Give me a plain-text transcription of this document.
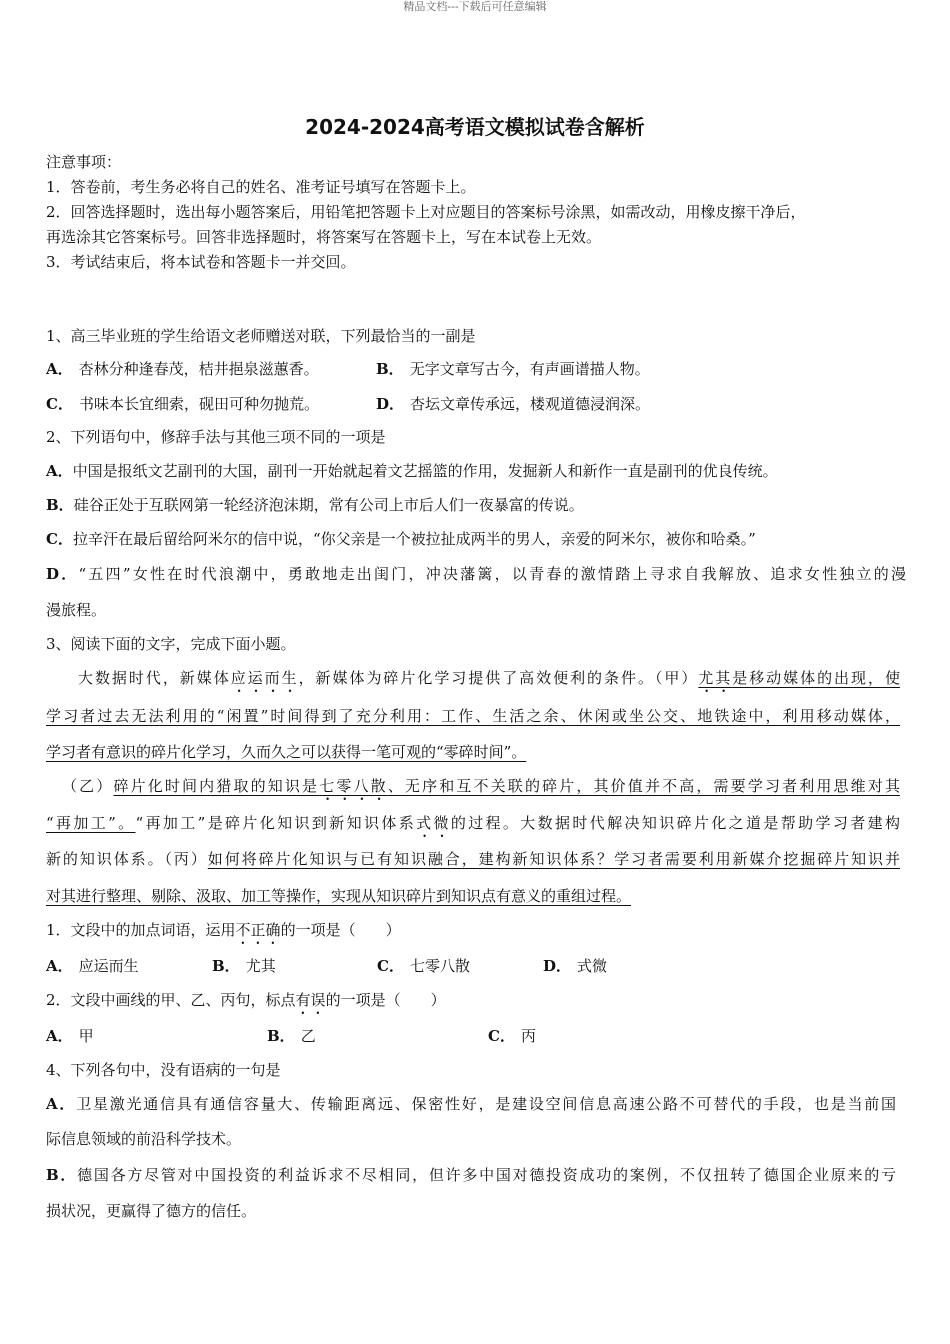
精品文档---下载后可任意编辑
2024-2024高考语文模拟试卷含解析
注意事项：
1．答卷前，考生务必将自己的姓名、准考证号填写在答题卡上。
2．回答选择题时，选出每小题答案后，用铅笔把答题卡上对应题目的答案标号涂黑，如需改动，用橡皮擦干净后，
再选涂其它答案标号。回答非选择题时，将答案写在答题卡上，写在本试卷上无效。
3．考试结束后，将本试卷和答题卡一并交回。
1、高三毕业班的学生给语文老师赠送对联，下列最恰当的一副是
A． 杏林分种逢春茂，桔井挹泉滋蕙香。	B． 无字文章写古今，有声画谱描人物。
C． 书味本长宜细索，砚田可种勿抛荒。	D． 杏坛文章传承远，楼观道德浸润深。
2、下列语句中，修辞手法与其他三项不同的一项是
A．中国是报纸文艺副刊的大国，副刊一开始就起着文艺摇篮的作用，发掘新人和新作一直是副刊的优良传统。
B．硅谷正处于互联网第一轮经济泡沫期，常有公司上市后人们一夜暴富的传说。
C．拉辛汗在最后留给阿米尔的信中说，“你父亲是一个被拉扯成两半的男人，亲爱的阿米尔，被你和哈桑。”
D．“五四”女性在时代浪潮中，勇敢地走出闺门，冲决藩篱，以青春的激情踏上寻求自我解放、追求女性独立的漫
漫旅程。
3、阅读下面的文字，完成下面小题。
大数据时代，新媒体应运而生，新媒体为碎片化学习提供了高效便利的条件。（甲）尤其是移动媒体的出现，使
学习者过去无法利用的“闲置”时间得到了充分利用：工作、生活之余、休闲或坐公交、地铁途中，利用移动媒体，
学习者有意识的碎片化学习，久而久之可以获得一笔可观的“零碎时间”。
（乙）碎片化时间内猎取的知识是七零八散、无序和互不关联的碎片，其价值并不高，需要学习者利用思维对其
“再加工”。“再加工”是碎片化知识到新知识体系式微的过程。大数据时代解决知识碎片化之道是帮助学习者建构
新的知识体系。（丙）如何将碎片化知识与已有知识融合，建构新知识体系？学习者需要利用新媒介挖掘碎片知识并
对其进行整理、剔除、汲取、加工等操作，实现从知识碎片到知识点有意义的重组过程。
1．文段中的加点词语，运用不正确的一项是（　　）
A． 应运而生	B． 尤其	C． 七零八散	D． 式微
2．文段中画线的甲、乙、丙句，标点有误的一项是（　　）
A． 甲	B． 乙	C． 丙
4、下列各句中，没有语病的一句是
A．卫星激光通信具有通信容量大、传输距离远、保密性好，是建设空间信息高速公路不可替代的手段，也是当前国
际信息领域的前沿科学技术。
B．德国各方尽管对中国投资的利益诉求不尽相同，但许多中国对德投资成功的案例，不仅扭转了德国企业原来的亏
损状况，更赢得了德方的信任。
